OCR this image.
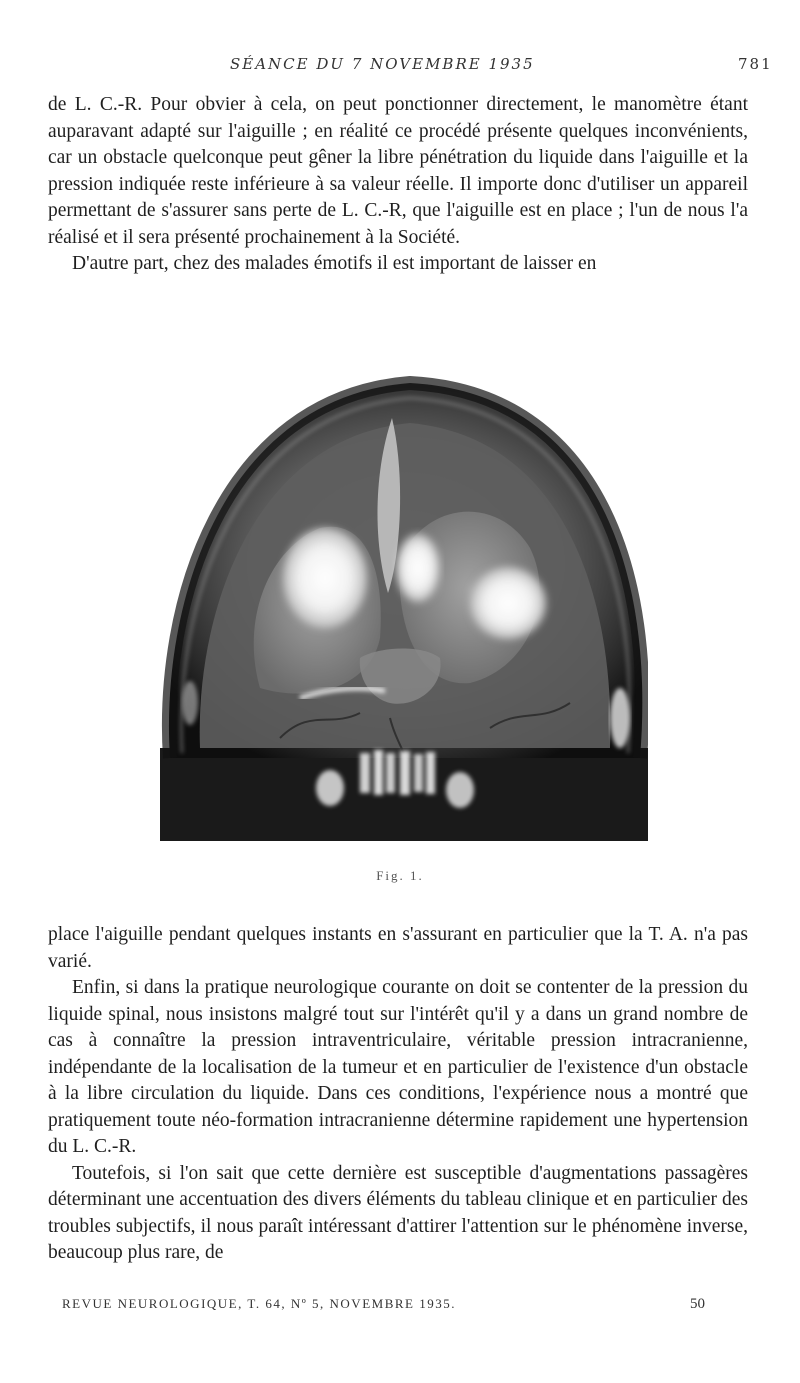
SÉANCE DU 7 NOVEMBRE 1935	781

de L. C.-R. Pour obvier à cela, on peut ponctionner directement, le manomètre étant auparavant adapté sur l'aiguille ; en réalité ce procédé présente quelques inconvénients, car un obstacle quelconque peut gêner la libre pénétration du liquide dans l'aiguille et la pression indiquée reste inférieure à sa valeur réelle. Il importe donc d'utiliser un appareil permettant de s'assurer sans perte de L. C.-R, que l'aiguille est en place ; l'un de nous l'a réalisé et il sera présenté prochainement à la Société.

D'autre part, chez des malades émotifs il est important de laisser en

Fig. 1.

place l'aiguille pendant quelques instants en s'assurant en particulier que la T. A. n'a pas varié.

Enfin, si dans la pratique neurologique courante on doit se contenter de la pression du liquide spinal, nous insistons malgré tout sur l'intérêt qu'il y a dans un grand nombre de cas à connaître la pression intraventriculaire, véritable pression intracranienne, indépendante de la localisation de la tumeur et en particulier de l'existence d'un obstacle à la libre circulation du liquide. Dans ces conditions, l'expérience nous a montré que pratiquement toute néo-formation intracranienne détermine rapidement une hypertension du L. C.-R.

Toutefois, si l'on sait que cette dernière est susceptible d'augmentations passagères déterminant une accentuation des divers éléments du tableau clinique et en particulier des troubles subjectifs, il nous paraît intéressant d'attirer l'attention sur le phénomène inverse, beaucoup plus rare, de

REVUE NEUROLOGIQUE, T. 64, Nº 5, NOVEMBRE 1935.	50
